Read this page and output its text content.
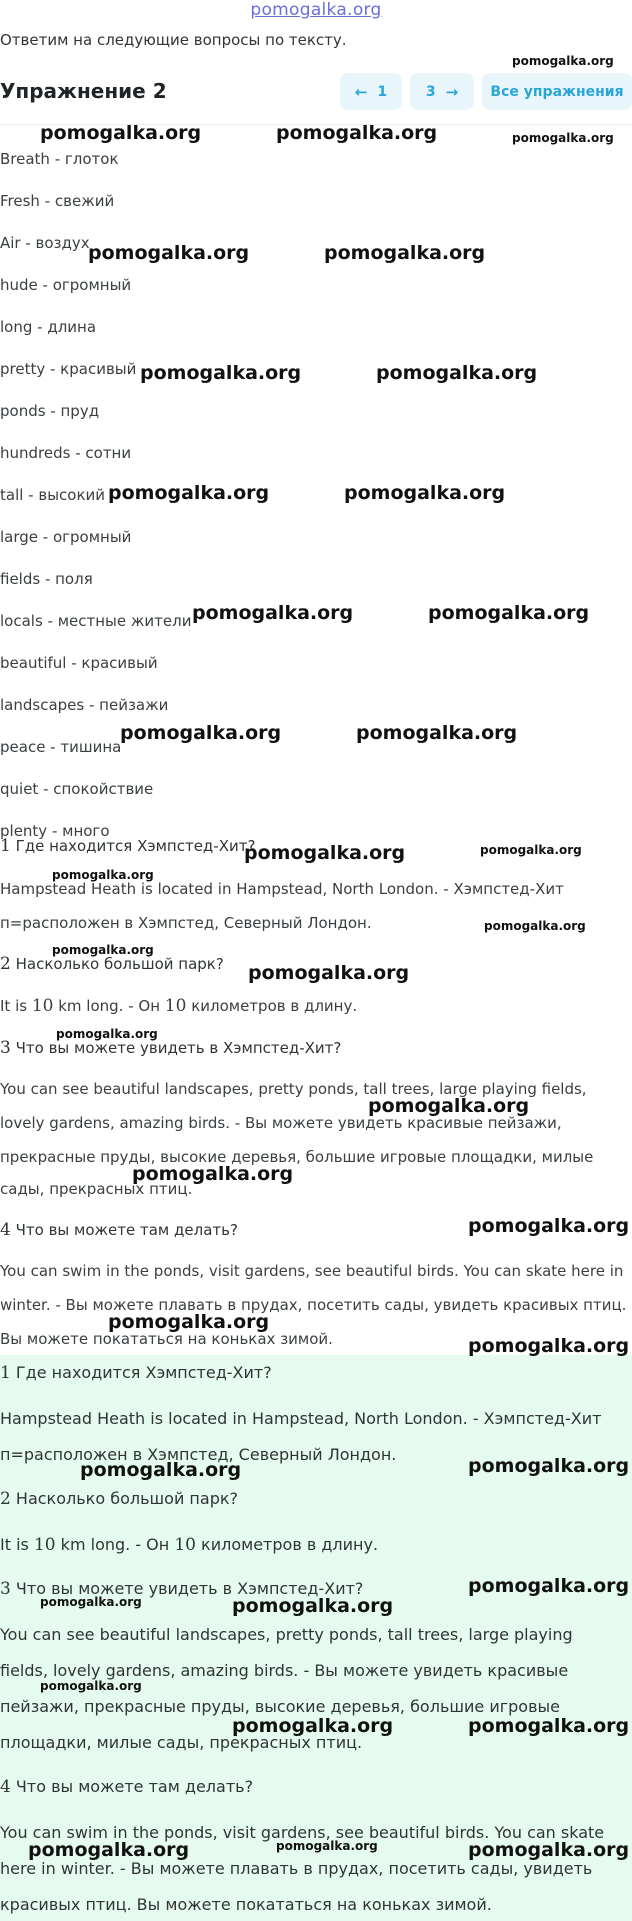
pomogalka.org
Ответим на следующие вопросы по тексту.
Упражнение 2	← 1	3 →	Все упражнения
Breath - глоток
Fresh - свежий
Air - воздух
hude - огромный
long - длина
pretty - красивый
ponds - пруд
hundreds - сотни
tall - высокий
large - огромный
fields - поля
locals - местные жители
beautiful - красивый
landscapes - пейзажи
peace - тишина
quiet - спокойствие
plenty - много
1 Где находится Хэмпстед-Хит?
Hampstead Heath is located in Hampstead, North London. - Хэмпстед-Хит
п=расположен в Хэмпстед, Северный Лондон.
2 Насколько большой парк?
It is 10 km long. - Он 10 километров в длину.
3 Что вы можете увидеть в Хэмпстед-Хит?
You can see beautiful landscapes, pretty ponds, tall trees, large playing fields,
lovely gardens, amazing birds. - Вы можете увидеть красивые пейзажи,
прекрасные пруды, высокие деревья, большие игровые площадки, милые
сады, прекрасных птиц.
4 Что вы можете там делать?
You can swim in the ponds, visit gardens, see beautiful birds. You can skate here in
winter. - Вы можете плавать в прудах, посетить сады, увидеть красивых птиц.
Вы можете покататься на коньках зимой.
1 Где находится Хэмпстед-Хит?
Hampstead Heath is located in Hampstead, North London. - Хэмпстед-Хит
п=расположен в Хэмпстед, Северный Лондон.
2 Насколько большой парк?
It is 10 km long. - Он 10 километров в длину.
3 Что вы можете увидеть в Хэмпстед-Хит?
You can see beautiful landscapes, pretty ponds, tall trees, large playing
fields, lovely gardens, amazing birds. - Вы можете увидеть красивые
пейзажи, прекрасные пруды, высокие деревья, большие игровые
площадки, милые сады, прекрасных птиц.
4 Что вы можете там делать?
You can swim in the ponds, visit gardens, see beautiful birds. You can skate
here in winter. - Вы можете плавать в прудах, посетить сады, увидеть
красивых птиц. Вы можете покататься на коньках зимой.
pomogalka.org
pomogalka.org	pomogalka.org	pomogalka.org
pomogalka.org	pomogalka.org
pomogalka.org	pomogalka.org
pomogalka.org	pomogalka.org
pomogalka.org	pomogalka.org
pomogalka.org	pomogalka.org
pomogalka.org	pomogalka.org
pomogalka.org
pomogalka.org
pomogalka.org
pomogalka.org
pomogalka.org
pomogalka.org
pomogalka.org
pomogalka.org
pomogalka.org
pomogalka.org
pomogalka.org	pomogalka.org
pomogalka.org	pomogalka.org
pomogalka.org
pomogalka.org
pomogalka.org	pomogalka.org
pomogalka.org	pomogalka.org	pomogalka.org
